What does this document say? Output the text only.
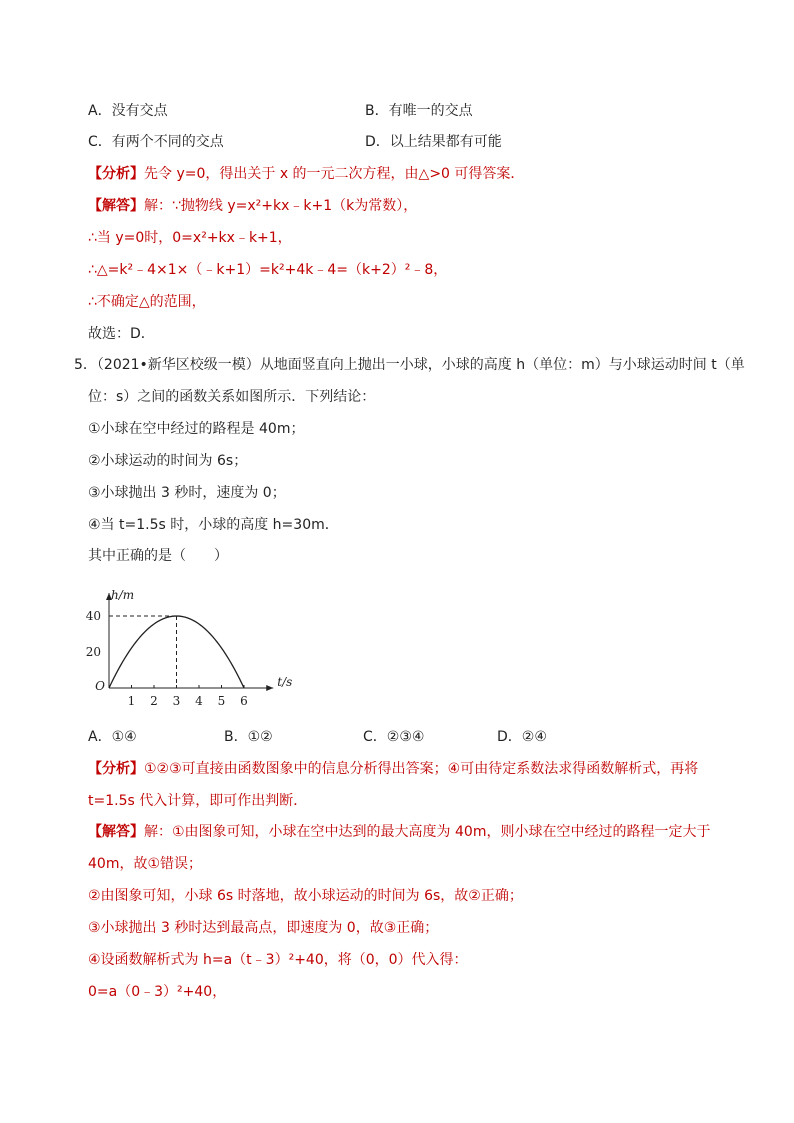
A．没有交点	B．有唯一的交点
C．有两个不同的交点	D．以上结果都有可能
【分析】先令 y=0，得出关于 x 的一元二次方程，由△>0 可得答案．
【解答】解：∵抛物线 y=x²+kx﹣k+1（k为常数），
∴当 y=0时，0=x²+kx﹣k+1，
∴△=k²﹣4×1×（﹣k+1）=k²+4k﹣4=（k+2）²﹣8，
∴不确定△的范围，
故选：D．
5．（2021•新华区校级一模）从地面竖直向上抛出一小球，小球的高度 h（单位：m）与小球运动时间 t（单
位：s）之间的函数关系如图所示．下列结论：
①小球在空中经过的路程是 40m；
②小球运动的时间为 6s；
③小球抛出 3 秒时，速度为 0；
④当 t=1.5s 时，小球的高度 h=30m．
其中正确的是（　　）
t/s
h/m
O
1 2 3 4 5 6
20
40
A．①④	B．①②	C．②③④	D．②④
【分析】①②③可直接由函数图象中的信息分析得出答案；④可由待定系数法求得函数解析式，再将
t=1.5s 代入计算，即可作出判断．
【解答】解：①由图象可知，小球在空中达到的最大高度为 40m，则小球在空中经过的路程一定大于
40m，故①错误；
②由图象可知，小球 6s 时落地，故小球运动的时间为 6s，故②正确；
③小球抛出 3 秒时达到最高点，即速度为 0，故③正确；
④设函数解析式为 h=a（t﹣3）²+40，将（0，0）代入得：
0=a（0﹣3）²+40，
